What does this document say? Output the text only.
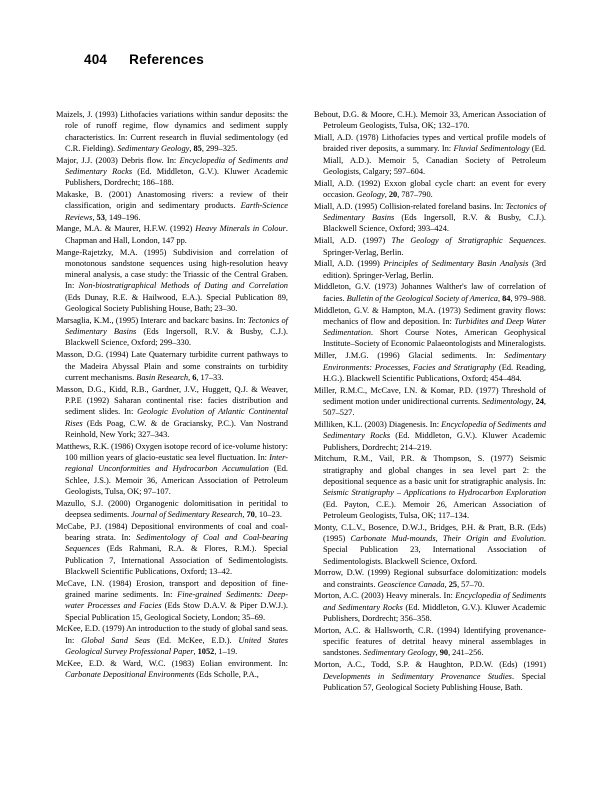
404 References

Maizels, J. (1993) Lithofacies variations within sandur deposits: the role of runoff regime, flow dynamics and sediment supply characteristics. In: Current research in fluvial sedimentology (ed C.R. Fielding). Sedimentary Geology, 85, 299–325.

Major, J.J. (2003) Debris flow. In: Encyclopedia of Sediments and Sedimentary Rocks (Ed. Middleton, G.V.). Kluwer Academic Publishers, Dordrecht; 186–188.

Makaske, B. (2001) Anastomosing rivers: a review of their classification, origin and sedimentary products. Earth-Science Reviews, 53, 149–196.

Mange, M.A. & Maurer, H.F.W. (1992) Heavy Minerals in Colour. Chapman and Hall, London, 147 pp.

Mange-Rajetzky, M.A. (1995) Subdivision and correlation of monotonous sandstone sequences using high-resolution heavy mineral analysis, a case study: the Triassic of the Central Graben. In: Non-biostratigraphical Methods of Dating and Correlation (Eds Dunay, R.E. & Hailwood, E.A.). Special Publication 89, Geological Society Publishing House, Bath; 23–30.

Marsaglia, K.M., (1995) Interarc and backarc basins. In: Tectonics of Sedimentary Basins (Eds Ingersoll, R.V. & Busby, C.J.). Blackwell Science, Oxford; 299–330.

Masson, D.G. (1994) Late Quaternary turbidite current pathways to the Madeira Abyssal Plain and some constraints on turbidity current mechanisms. Basin Research, 6, 17–33.

Masson, D.G., Kidd, R.B., Gardner, J.V., Huggett, Q.J. & Weaver, P.P.E (1992) Saharan continental rise: facies distribution and sediment slides. In: Geologic Evolution of Atlantic Continental Rises (Eds Poag, C.W. & de Graciansky, P.C.). Van Nostrand Reinhold, New York; 327–343.

Matthews, R.K. (1986) Oxygen isotope record of ice-volume history: 100 million years of glacio-eustatic sea level fluctuation. In: Inter-regional Unconformities and Hydrocarbon Accumulation (Ed. Schlee, J.S.). Memoir 36, American Association of Petroleum Geologists, Tulsa, OK; 97–107.

Mazullo, S.J. (2000) Organogenic dolomitisation in peritidal to deepsea sediments. Journal of Sedimentary Research, 70, 10–23.

McCabe, P.J. (1984) Depositional environments of coal and coal-bearing strata. In: Sedimentology of Coal and Coal-bearing Sequences (Eds Rahmani, R.A. & Flores, R.M.). Special Publication 7, International Association of Sedimentologists. Blackwell Scientific Publications, Oxford; 13–42.

McCave, I.N. (1984) Erosion, transport and deposition of fine-grained marine sediments. In: Fine-grained Sediments: Deep-water Processes and Facies (Eds Stow D.A.V. & Piper D.W.J.). Special Publication 15, Geological Society, London; 35–69.

McKee, E.D. (1979) An introduction to the study of global sand seas. In: Global Sand Seas (Ed. McKee, E.D.). United States Geological Survey Professional Paper, 1052, 1–19.

McKee, E.D. & Ward, W.C. (1983) Eolian environment. In: Carbonate Depositional Environments (Eds Scholle, P.A.,

Bebout, D.G. & Moore, C.H.). Memoir 33, American Association of Petroleum Geologists, Tulsa, OK; 132–170.

Miall, A.D. (1978) Lithofacies types and vertical profile models of braided river deposits, a summary. In: Fluvial Sedimentology (Ed. Miall, A.D.). Memoir 5, Canadian Society of Petroleum Geologists, Calgary; 597–604.

Miall, A.D. (1992) Exxon global cycle chart: an event for every occasion. Geology, 20, 787–790.

Miall, A.D. (1995) Collision-related foreland basins. In: Tectonics of Sedimentary Basins (Eds Ingersoll, R.V. & Busby, C.J.). Blackwell Science, Oxford; 393–424.

Miall, A.D. (1997) The Geology of Stratigraphic Sequences. Springer-Verlag, Berlin.

Miall, A.D. (1999) Principles of Sedimentary Basin Analysis (3rd edition). Springer-Verlag, Berlin.

Middleton, G.V. (1973) Johannes Walther's law of correlation of facies. Bulletin of the Geological Society of America, 84, 979–988.

Middleton, G.V. & Hampton, M.A. (1973) Sediment gravity flows: mechanics of flow and deposition. In: Turbidites and Deep Water Sedimentation. Short Course Notes, American Geophysical Institute–Society of Economic Palaeontologists and Mineralogists.

Miller, J.M.G. (1996) Glacial sediments. In: Sedimentary Environments: Processes, Facies and Stratigraphy (Ed. Reading, H.G.). Blackwell Scientific Publications, Oxford; 454–484.

Miller, R.M.C., McCave, I.N. & Komar, P.D. (1977) Threshold of sediment motion under unidirectional currents. Sedimentology, 24, 507–527.

Milliken, K.L. (2003) Diagenesis. In: Encyclopedia of Sediments and Sedimentary Rocks (Ed. Middleton, G.V.). Kluwer Academic Publishers, Dordrecht; 214–219.

Mitchum, R.M., Vail, P.R. & Thompson, S. (1977) Seismic stratigraphy and global changes in sea level part 2: the depositional sequence as a basic unit for stratigraphic analysis. In: Seismic Stratigraphy – Applications to Hydrocarbon Exploration (Ed. Payton, C.E.). Memoir 26, American Association of Petroleum Geologists, Tulsa, OK; 117–134.

Monty, C.L.V., Bosence, D.W.J., Bridges, P.H. & Pratt, B.R. (Eds) (1995) Carbonate Mud-mounds, Their Origin and Evolution. Special Publication 23, International Association of Sedimentologists. Blackwell Science, Oxford.

Morrow, D.W. (1999) Regional subsurface dolomitization: models and constraints. Geoscience Canada, 25, 57–70.

Morton, A.C. (2003) Heavy minerals. In: Encyclopedia of Sediments and Sedimentary Rocks (Ed. Middleton, G.V.). Kluwer Academic Publishers, Dordrecht; 356–358.

Morton, A.C. & Hallsworth, C.R. (1994) Identifying provenance-specific features of detrital heavy mineral assemblages in sandstones. Sedimentary Geology, 90, 241–256.

Morton, A.C., Todd, S.P. & Haughton, P.D.W. (Eds) (1991) Developments in Sedimentary Provenance Studies. Special Publication 57, Geological Society Publishing House, Bath.
